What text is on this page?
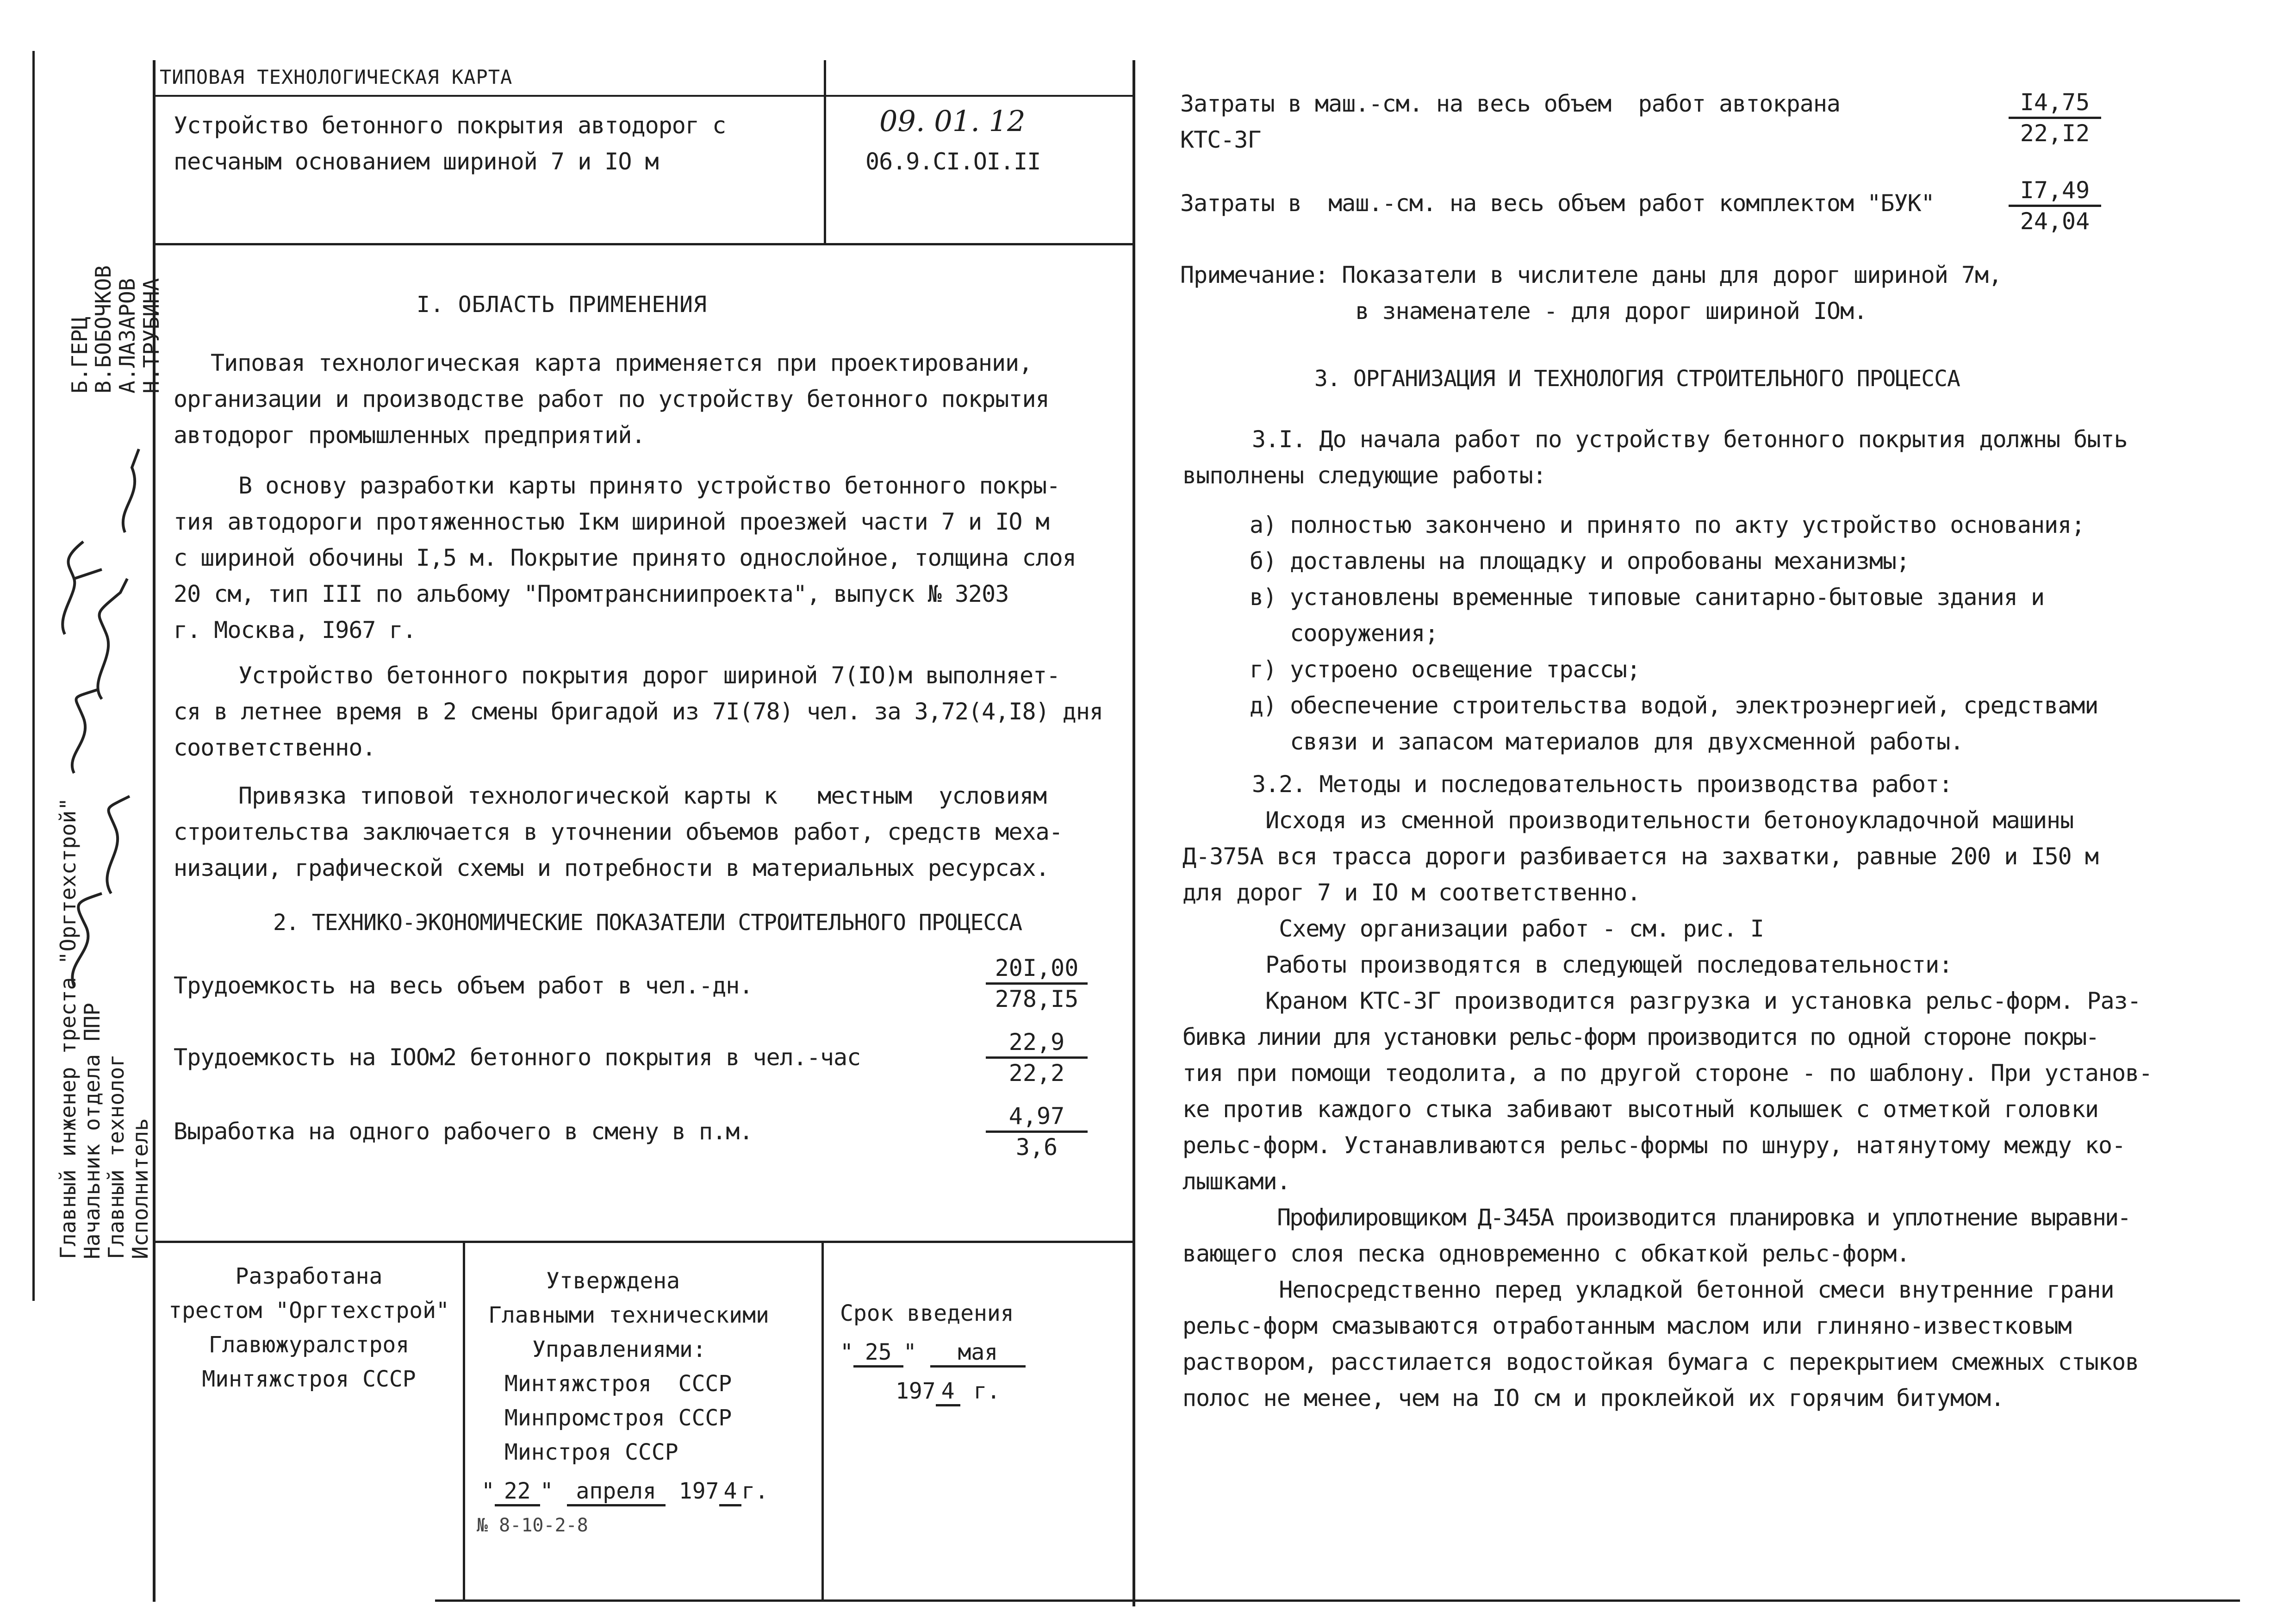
Главный инженер треста "Оргтехстрой"
Начальник отдела ППР
Главный технолог
Исполнитель
Б.ГЕРЦ
В.БОБОЧКОВ
А.ЛАЗАРОВ
Н.ТРУБИНА
ТИПОВАЯ ТЕХНОЛОГИЧЕСКАЯ КАРТА
Устройство бетонного покрытия автодорог с
песчаным основанием шириной 7 и IO м
09. 01. 12
06.9.CI.OI.II
I. ОБЛАСТЬ ПРИМЕНЕНИЯ
Типовая технологическая карта применяется при проектировании,
организации и производстве работ по устройству бетонного покрытия
автодорог промышленных предприятий.
В основу разработки карты принято устройство бетонного покры-
тия автодороги протяженностью Iкм шириной проезжей части 7 и IO м
с шириной обочины I,5 м. Покрытие принято однослойное, толщина слоя
20 см, тип III по альбому "Промтрансниипроекта", выпуск № 3203
г. Москва, I967 г.
Устройство бетонного покрытия дорог шириной 7(IO)м выполняет-
ся в летнее время в 2 смены бригадой из 7I(78) чел. за 3,72(4,I8) дня
соответственно.
Привязка типовой технологической карты к   местным  условиям
строительства заключается в уточнении объемов работ, средств меха-
низации, графической схемы и потребности в материальных ресурсах.
2. ТЕХНИКО-ЭКОНОМИЧЕСКИЕ ПОКАЗАТЕЛИ СТРОИТЕЛЬНОГО ПРОЦЕССА
Трудоемкость на весь объем работ в чел.-дн.	$\frac{20I,00}{278,I5}$
Трудоемкость на IOOм2 бетонного покрытия в чел.-час	$\frac{22,9}{22,2}$
Выработка на одного рабочего в смену в п.м.	$\frac{4,97}{3,6}$
Разработана
трестом "Оргтехстрой"
Главюжуралстроя
Минтяжстроя СССР
Утверждена
Главными техническими
Управлениями:
Минтяжстроя  СССР
Минпромстроя СССР
Минстроя СССР
" 22 " апреля 197 4 г.
№ 8-10-2-8
Срок введения
" 25 " мая
197 4 г.
Затраты в маш.-см. на весь объем  работ автокрана
КТС-3Г	$\frac{I4,75}{22,I2}$
Затраты в  маш.-см. на весь объем работ комплектом "БУК"	$\frac{I7,49}{24,04}$
Примечание: Показатели в числителе даны для дорог шириной 7м,
в знаменателе - для дорог шириной IOм.
3. ОРГАНИЗАЦИЯ И ТЕХНОЛОГИЯ СТРОИТЕЛЬНОГО ПРОЦЕССА
3.I. До начала работ по устройству бетонного покрытия должны быть
выполнены следующие работы:
а) полностью закончено и принято по акту устройство основания;
б) доставлены на площадку и опробованы механизмы;
в) установлены временные типовые санитарно-бытовые здания и
сооружения;
г) устроено освещение трассы;
д) обеспечение строительства водой, электроэнергией, средствами
связи и запасом материалов для двухсменной работы.
3.2. Методы и последовательность производства работ:
Исходя из сменной производительности бетоноукладочной машины
Д-375А вся трасса дороги разбивается на захватки, равные 200 и I50 м
для дорог 7 и IO м соответственно.
Схему организации работ - см. рис. I
Работы производятся в следующей последовательности:
Краном КТС-3Г производится разгрузка и установка рельс-форм. Раз-
бивка линии для установки рельс-форм производится по одной стороне покры-
тия при помощи теодолита, а по другой стороне - по шаблону. При установ-
ке против каждого стыка забивают высотный колышек с отметкой головки
рельс-форм. Устанавливаются рельс-формы по шнуру, натянутому между ко-
лышками.
Профилировщиком Д-345А производится планировка и уплотнение выравни-
вающего слоя песка одновременно с обкаткой рельс-форм.
Непосредственно перед укладкой бетонной смеси внутренние грани
рельс-форм смазываются отработанным маслом или глиняно-известковым
раствором, расстилается водостойкая бумага с перекрытием смежных стыков
полос не менее, чем на IO см и проклейкой их горячим битумом.
